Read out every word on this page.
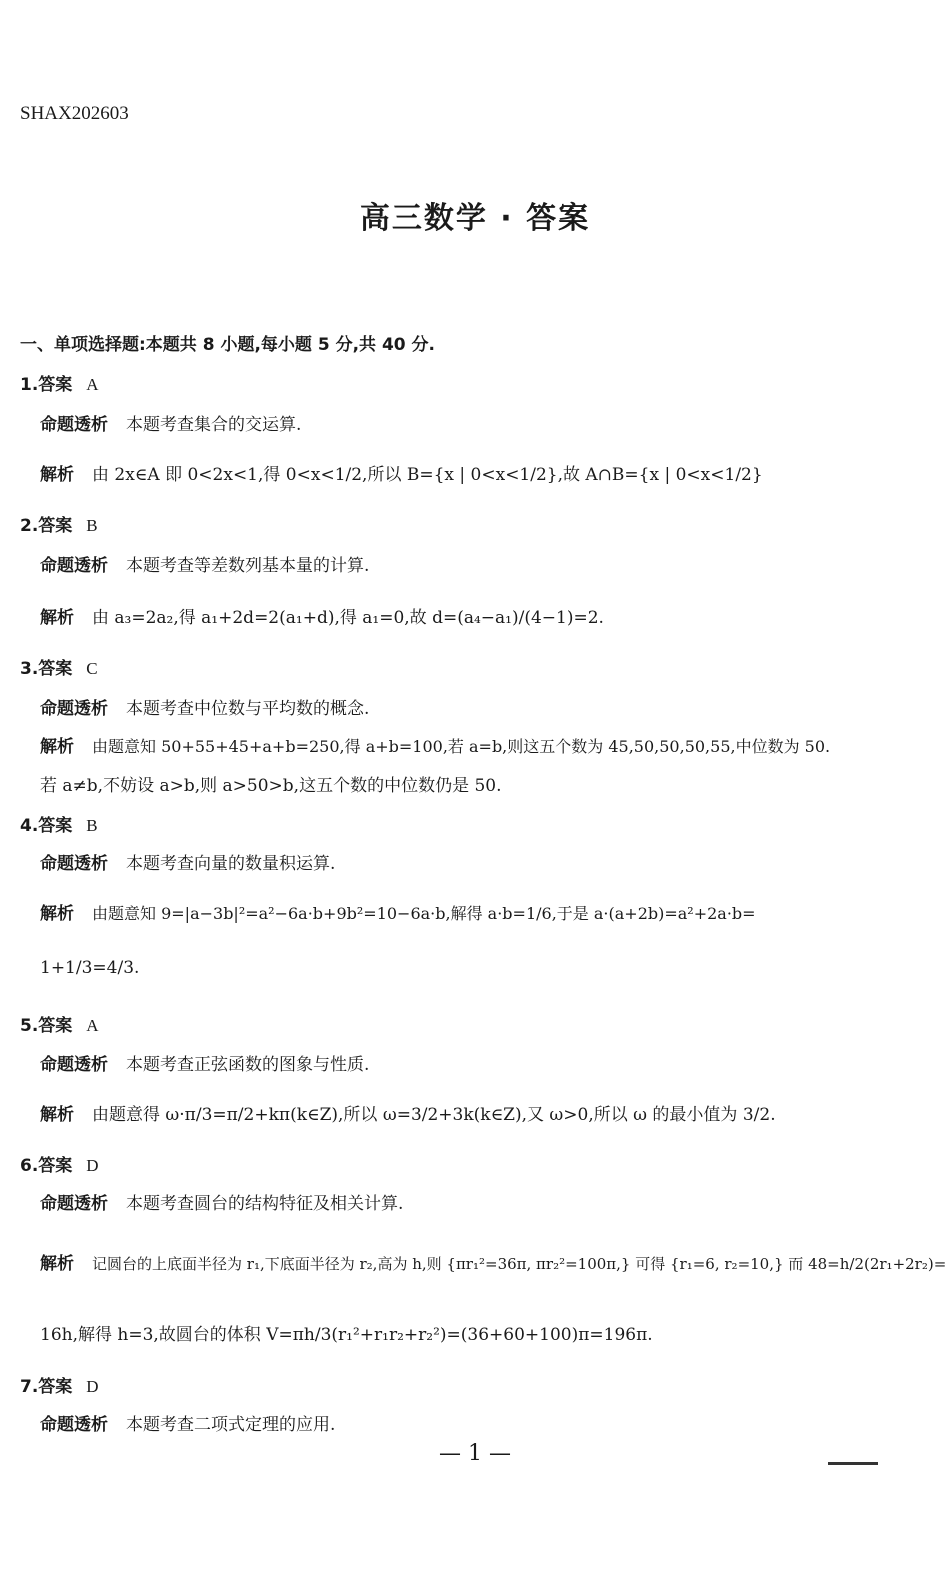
SHAX202603
高三数学 · 答案
一、单项选择题:本题共 8 小题,每小题 5 分,共 40 分.
1.答案 A
命题透析 本题考查集合的交运算.
解析 由 2x∈A 即 0<2x<1,得 0<x<1/2,所以 B={x | 0<x<1/2},故 A∩B={x | 0<x<1/2}
2.答案 B
命题透析 本题考查等差数列基本量的计算.
解析 由 a₃=2a₂,得 a₁+2d=2(a₁+d),得 a₁=0,故 d=(a₄−a₁)/(4−1)=2.
3.答案 C
命题透析 本题考查中位数与平均数的概念.
解析 由题意知 50+55+45+a+b=250,得 a+b=100,若 a=b,则这五个数为 45,50,50,50,55,中位数为 50.
若 a≠b,不妨设 a>b,则 a>50>b,这五个数的中位数仍是 50.
4.答案 B
命题透析 本题考查向量的数量积运算.
解析 由题意知 9=|a−3b|²=a²−6a·b+9b²=10−6a·b,解得 a·b=1/6,于是 a·(a+2b)=a²+2a·b=
1+1/3=4/3.
5.答案 A
命题透析 本题考查正弦函数的图象与性质.
解析 由题意得 ω·π/3=π/2+kπ(k∈Z),所以 ω=3/2+3k(k∈Z),又 ω>0,所以 ω 的最小值为 3/2.
6.答案 D
命题透析 本题考查圆台的结构特征及相关计算.
解析 记圆台的上底面半径为 r₁,下底面半径为 r₂,高为 h,则 {πr₁²=36π, πr₂²=100π,} 可得 {r₁=6, r₂=10,} 而 48=h/2(2r₁+2r₂)=
16h,解得 h=3,故圆台的体积 V=πh/3(r₁²+r₁r₂+r₂²)=(36+60+100)π=196π.
7.答案 D
命题透析 本题考查二项式定理的应用.
— 1 —
